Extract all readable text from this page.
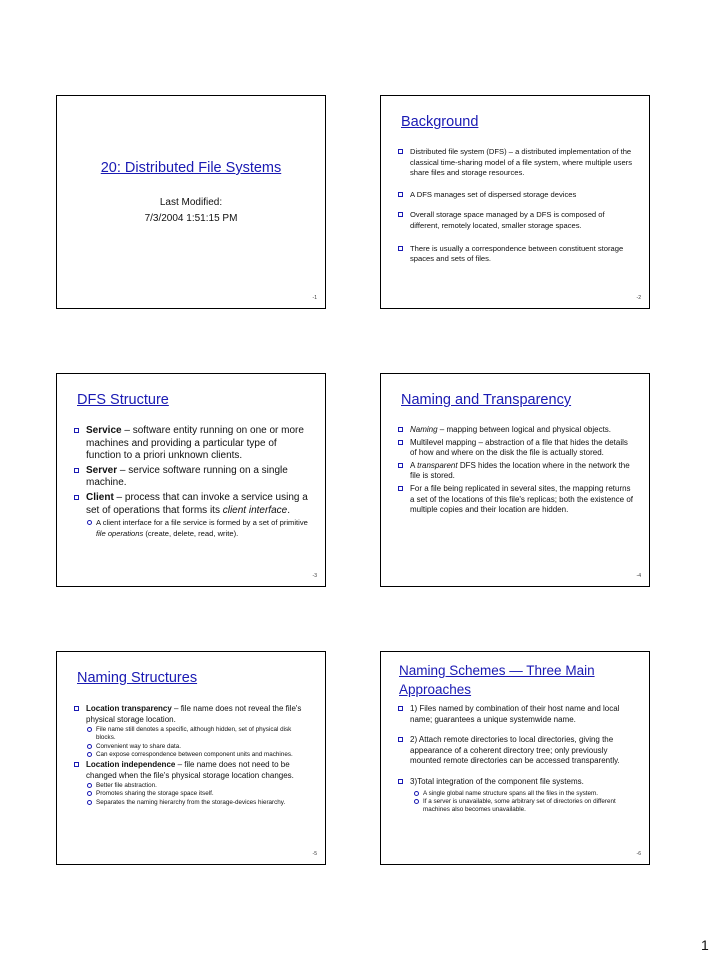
20: Distributed File Systems
Last Modified:
7/3/2004 1:51:15 PM
-1
Background
Distributed file system (DFS) – a distributed implementation of the classical time-sharing model of a file system, where multiple users share files and storage resources.
A DFS manages set of dispersed storage devices
Overall storage space managed by a DFS is composed of different, remotely located, smaller storage spaces.
There is usually a correspondence between constituent storage spaces and sets of files.
-2
DFS Structure
Service – software entity running on one or more machines and providing a particular type of function to a priori unknown clients.
Server – service software running on a single machine.
Client – process that can invoke a service using a set of operations that forms its client interface.
A client interface for a file service is formed by a set of primitive file operations (create, delete, read, write).
-3
Naming and Transparency
Naming – mapping between logical and physical objects.
Multilevel mapping – abstraction of a file that hides the details of how and where on the disk the file is actually stored.
A transparent DFS hides the location where in the network the file is stored.
For a file being replicated in several sites, the mapping returns a set of the locations of this file's replicas; both the existence of multiple copies and their location are hidden.
-4
Naming Structures
Location transparency – file name does not reveal the file's physical storage location.
File name still denotes a specific, although hidden, set of physical disk blocks.
Convenient way to share data.
Can expose correspondence between component units and machines.
Location independence – file name does not need to be changed when the file's physical storage location changes.
Better file abstraction.
Promotes sharing the storage space itself.
Separates the naming hierarchy from the storage-devices hierarchy.
-5
Naming Schemes — Three Main
Approaches
1) Files named by combination of their host name and local name; guarantees a unique systemwide name.
2) Attach remote directories to local directories, giving the appearance of a coherent directory tree; only previously mounted remote directories can be accessed transparently.
3)Total integration of the component file systems.
A single global name structure spans all the files in the system.
If a server is unavailable, some arbitrary set of directories on different machines also becomes unavailable.
-6
1
